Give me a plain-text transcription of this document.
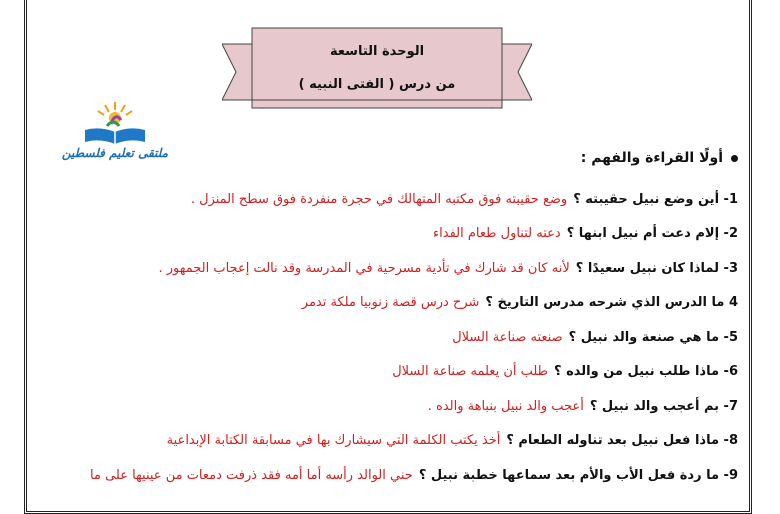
الوحدة التاسعة
من درس ( الفتى النبيه )
ملتقى تعليم فلسطين	أولًا القراءة والفهم :
1- أين وضع نبيل حقيبته ؟
وضع حقيبته فوق مكتبه المتهالك في حجرة منفردة فوق سطح المنزل .
2- إلام دعت أم نبيل ابنها ؟
دعته لتناول طعام الفداء
3- لماذا كان نبيل سعيدًا ؟
لأنه كان قد شارك في تأدية مسرحية في المدرسة وقد نالت إعجاب الجمهور .
4 ما الدرس الذي شرحه مدرس التاريخ ؟
شرح درس قصة زنوبيا ملكة تدمر
5- ما هي صنعة والد نبيل ؟
صنعته صناعة السلال
6- ماذا طلب نبيل من والده ؟
طلب أن يعلمه صناعة السلال
7- بم أعجب والد نبيل ؟
أعجب والد نبيل بنباهة والده .
8- ماذا فعل نبيل بعد تناوله الطعام ؟
أخذ يكتب الكلمة التي سيشارك بها في مسابقة الكتابة الإبداعية
9- ما ردة فعل الأب والأم بعد سماعها خطبة نبيل ؟
حني الوالد رأسه أما أمه فقد ذرفت دمعات من عينيها على ما
